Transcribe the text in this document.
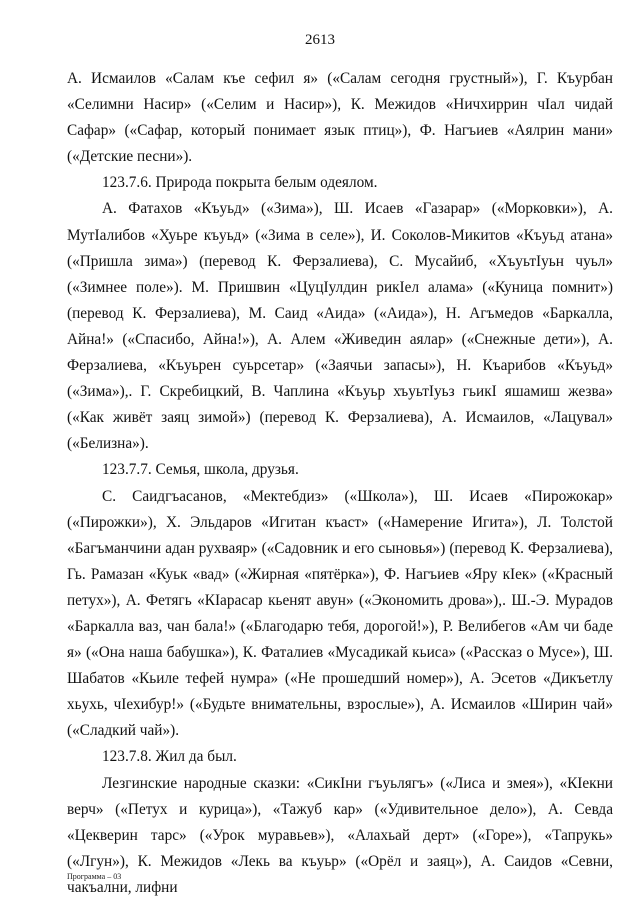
2613

А. Исмаилов «Салам къе сефил я» («Салам сегодня грустный»), Г. Къурбан «Селимни Насир» («Селим и Насир»), К. Межидов «Ничхиррин чӀал чидай Сафар» («Сафар, который понимает язык птиц»), Ф. Нагъиев «Аялрин мани» («Детские песни»).

123.7.6. Природа покрыта белым одеялом.

А. Фатахов «Къуьд» («Зима»), Ш. Исаев «Газарар» («Морковки»), А. МутӀалибов «Хуьре къуьд» («Зима в селе»), И. Соколов-Микитов «Къуьд атана» («Пришла зима») (перевод К. Ферзалиева), С. Мусайиб, «ХъуьтӀуьн чуьл» («Зимнее поле»). М. Пришвин «ЦуцӀулдин рикӀел алама» («Куница помнит») (перевод К. Ферзалиева), М. Саид «Аида» («Аида»), Н. Агъмедов «Баркалла, Айна!» («Спасибо, Айна!»), А. Алем «Живедин аялар» («Снежные дети»), А. Ферзалиева, «Къуьрен суьрсетар» («Заячьи запасы»), Н. Къарибов «Къуьд» («Зима»),. Г. Скребицкий, В. Чаплина «Къуьр хъуьтӀуьз гьикӀ яшамиш жезва» («Как живёт заяц зимой») (перевод К. Ферзалиева), А. Исмаилов, «Лацувал» («Белизна»).

123.7.7. Семья, школа, друзья.

С. Саидгъасанов, «Мектебдиз» («Школа»), Ш. Исаев «Пирожокар» («Пирожки»), Х. Эльдаров «Игитан къаст» («Намерение Игита»), Л. Толстой «Багъманчини адан рухваяр» («Садовник и его сыновья») (перевод К. Ферзалиева), Гь. Рамазан «Куьк «вад» («Жирная «пятёрка»), Ф. Нагъиев «Яру кӀек» («Красный петух»), А. Фетягь «КӀарасар кьенят авун» («Экономить дрова»),. Ш.-Э. Мурадов «Баркалла ваз, чан бала!» («Благодарю тебя, дорогой!»), Р. Велибегов «Ам чи баде я» («Она наша бабушка»), К. Фаталиев «Мусадикай кьиса» («Рассказ о Мусе»), Ш. Шабатов «Кьиле тефей нумра» («Не прошедший номер»), А. Эсетов «Дикъетлу хьухь, чӀехибур!» («Будьте внимательны, взрослые»), А. Исмаилов «Ширин чай» («Сладкий чай»).

123.7.8. Жил да был.

Лезгинские народные сказки: «СикӀни гъуьлягъ» («Лиса и змея»), «КӀекни верч» («Петух и курица»), «Тажуб кар» («Удивительное дело»), А. Севда «Цекверин тарс» («Урок муравьев»), «Алахьай дерт» («Горе»), «Тапрукь» («Лгун»), К. Межидов «Лекь ва къуьр» («Орёл и заяц»), А. Саидов «Севни, чакъални, лифни

Программа – 03
